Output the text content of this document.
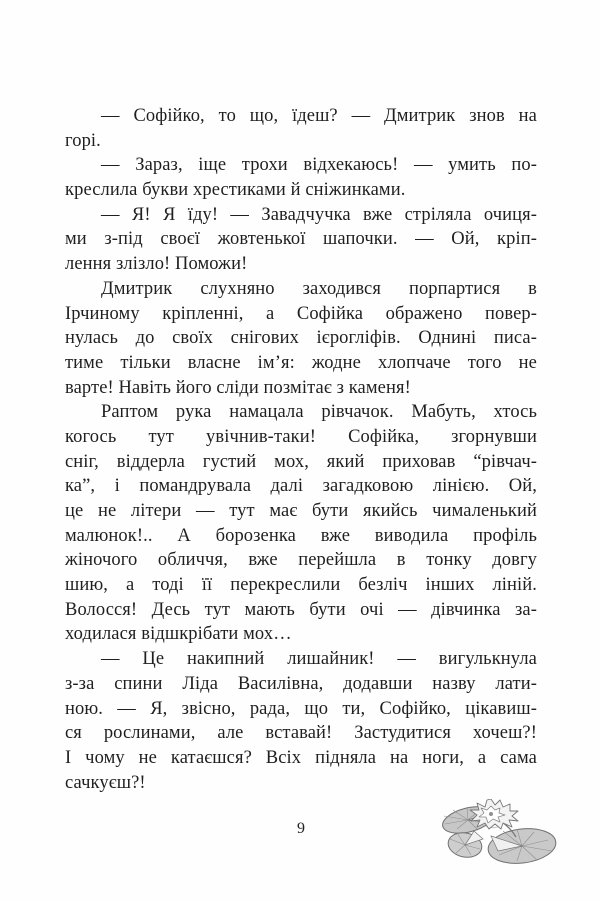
— Софійко, то що, їдеш? — Дмитрик знов на
горі.
— Зараз, іще трохи відхекаюсь! — умить по-
креслила букви хрестиками й сніжинками.
— Я! Я їду! — Завадчучка вже стріляла очиця-
ми з-під своєї жовтенької шапочки. — Ой, кріп-
лення злізло! Поможи!
Дмитрик слухняно заходився порпартися в
Ірчиному кріпленні, а Софійка ображено повер-
нулась до своїх снігових ієрогліфів. Однині писа-
тиме тільки власне ім’я: жодне хлопчаче того не
варте! Навіть його сліди позмітає з каменя!
Раптом рука намацала рівчачок. Мабуть, хтось
когось тут увічнив-таки! Софійка, згорнувши
сніг, віддерла густий мох, який приховав “рівчач-
ка”, і помандрувала далі загадковою лінією. Ой,
це не літери — тут має бути якийсь чималенький
малюнок!.. А борозенка вже виводила профіль
жіночого обличчя, вже перейшла в тонку довгу
шию, а тоді її перекреслили безліч інших ліній.
Волосся! Десь тут мають бути очі — дівчинка за-
ходилася відшкрібати мох…
— Це накипний лишайник! — вигулькнула
з-за спини Ліда Василівна, додавши назву лати-
ною. — Я, звісно, рада, що ти, Софійко, цікавиш-
ся рослинами, але вставай! Застудитися хочеш?!
І чому не катаєшся? Всіх підняла на ноги, а сама
сачкуєш?!
9
